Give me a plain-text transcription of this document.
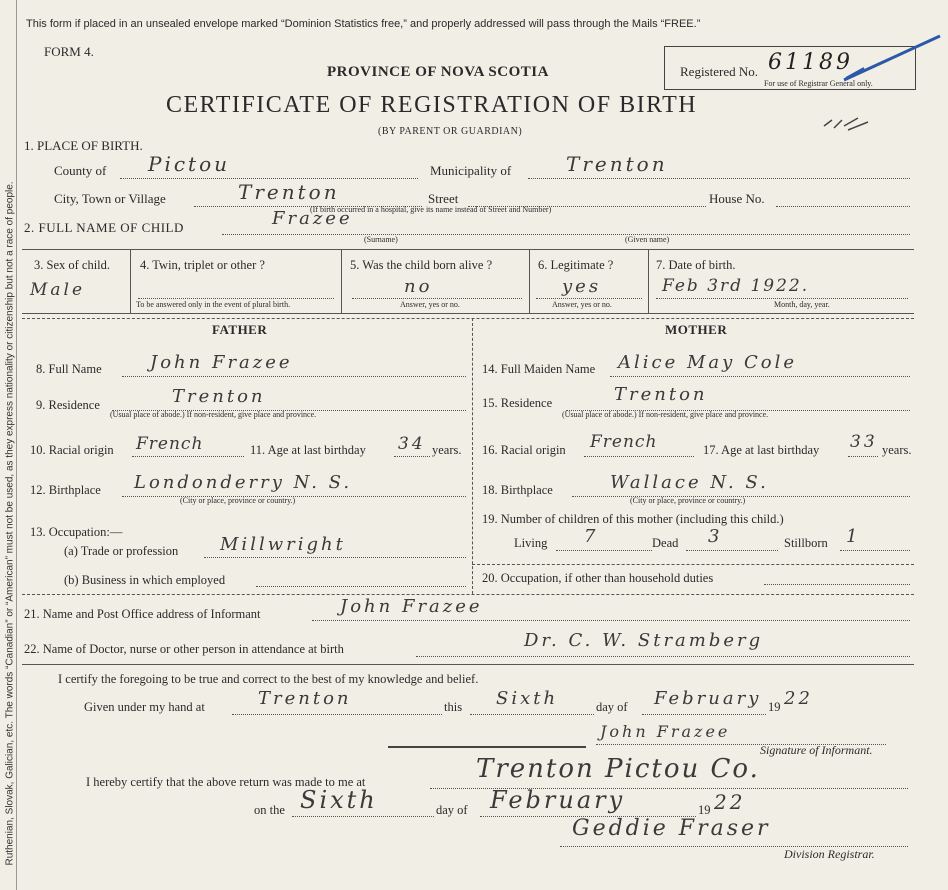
Ruthenian, Slovak, Galician, etc. The words “Canadian” or “American” must not be used, as they express nationality or citizenship but not a race of people.
This form if placed in an unsealed envelope marked “Dominion Statistics free,” and properly addressed will pass through the Mails “FREE.”
FORM 4.
PROVINCE OF NOVA SCOTIA
CERTIFICATE OF REGISTRATION OF BIRTH
(BY PARENT OR GUARDIAN)
Registered No. 61189
For use of Registrar General only.
1. PLACE OF BIRTH.
County of Pictou	Municipality of	Trenton
City, Town or Village	Trenton	Street	House No.
(If birth occurred in a hospital, give its name instead of Street and Number)
2. FULL NAME OF CHILD	Frazee
(Surname)	(Given name)
3. Sex of child.
Male
4. Twin, triplet or other ?
To be answered only in the event of plural birth.
5. Was the child born alive ?
no
Answer, yes or no.
6. Legitimate ?
yes
Answer, yes or no.
7. Date of birth.
Feb 3rd 1922.
Month, day, year.
FATHER	MOTHER
8. Full Name	John Frazee
9. Residence	Trenton
(Usual place of abode.) If non-resident, give place and province.
10. Racial origin French	11. Age at last birthday 34 years.
12. Birthplace Londonderry N. S.
(City or place, province or country.)
13. Occupation:—
(a) Trade or profession Millwright
(b) Business in which employed
14. Full Maiden Name Alice May Cole
15. Residence	Trenton
(Usual place of abode.) If non-resident, give place and province.
16. Racial origin French	17. Age at last birthday 33 years.
18. Birthplace	Wallace N. S.
(City or place, province or country.)
19. Number of children of this mother (including this child.)
Living 7	Dead 3	Stillborn 1
20. Occupation, if other than household duties
21. Name and Post Office address of Informant	John Frazee
22. Name of Doctor, nurse or other person in attendance at birth	Dr. C. W. Stramberg
I certify the foregoing to be true and correct to the best of my knowledge and belief.
Given under my hand at	Trenton	this Sixth	day of February 19 22
John Frazee
Signature of Informant.
I hereby certify that the above return was made to me at	Trenton Pictou Co.
on the Sixth	day of February	19 22
Geddie Fraser
Division Registrar.
